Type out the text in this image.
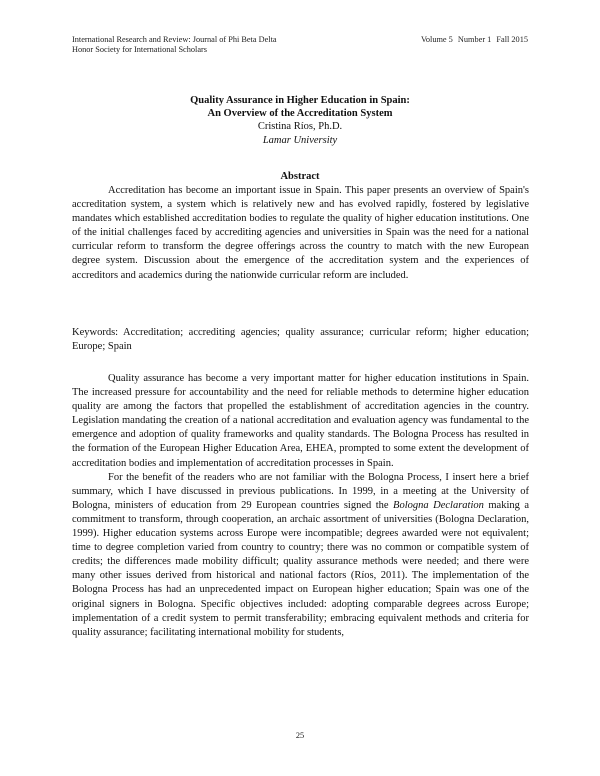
International Research and Review: Journal of Phi Beta Delta
Honor Society for International Scholars
Volume 5 Number 1 Fall 2015
Quality Assurance in Higher Education in Spain:
An Overview of the Accreditation System
Cristina Ríos, Ph.D.
Lamar University
Abstract

Accreditation has become an important issue in Spain. This paper presents an overview of Spain's accreditation system, a system which is relatively new and has evolved rapidly, fostered by legislative mandates which established accreditation bodies to regulate the quality of higher education institutions. One of the initial challenges faced by accrediting agencies and universities in Spain was the need for a national curricular reform to transform the degree offerings across the country to match with the new European degree system. Discussion about the emergence of the accreditation system and the experiences of accreditors and academics during the nationwide curricular reform are included.

Keywords: Accreditation; accrediting agencies; quality assurance; curricular reform; higher education; Europe; Spain

Quality assurance has become a very important matter for higher education institutions in Spain. The increased pressure for accountability and the need for reliable methods to determine higher education quality are among the factors that propelled the establishment of accreditation agencies in the country. Legislation mandating the creation of a national accreditation and evaluation agency was fundamental to the emergence and adoption of quality frameworks and quality standards. The Bologna Process has resulted in the formation of the European Higher Education Area, EHEA, prompted to some extent the development of accreditation bodies and implementation of accreditation processes in Spain.

For the benefit of the readers who are not familiar with the Bologna Process, I insert here a brief summary, which I have discussed in previous publications. In 1999, in a meeting at the University of Bologna, ministers of education from 29 European countries signed the Bologna Declaration making a commitment to transform, through cooperation, an archaic assortment of universities (Bologna Declaration, 1999). Higher education systems across Europe were incompatible; degrees awarded were not equivalent; time to degree completion varied from country to country; there was no common or compatible system of credits; the differences made mobility difficult; quality assurance methods were needed; and there were many other issues derived from historical and national factors (Ríos, 2011). The implementation of the Bologna Process has had an unprecedented impact on European higher education; Spain was one of the original signers in Bologna. Specific objectives included: adopting comparable degrees across Europe; implementation of a credit system to permit transferability; embracing equivalent methods and criteria for quality assurance; facilitating international mobility for students,

25
